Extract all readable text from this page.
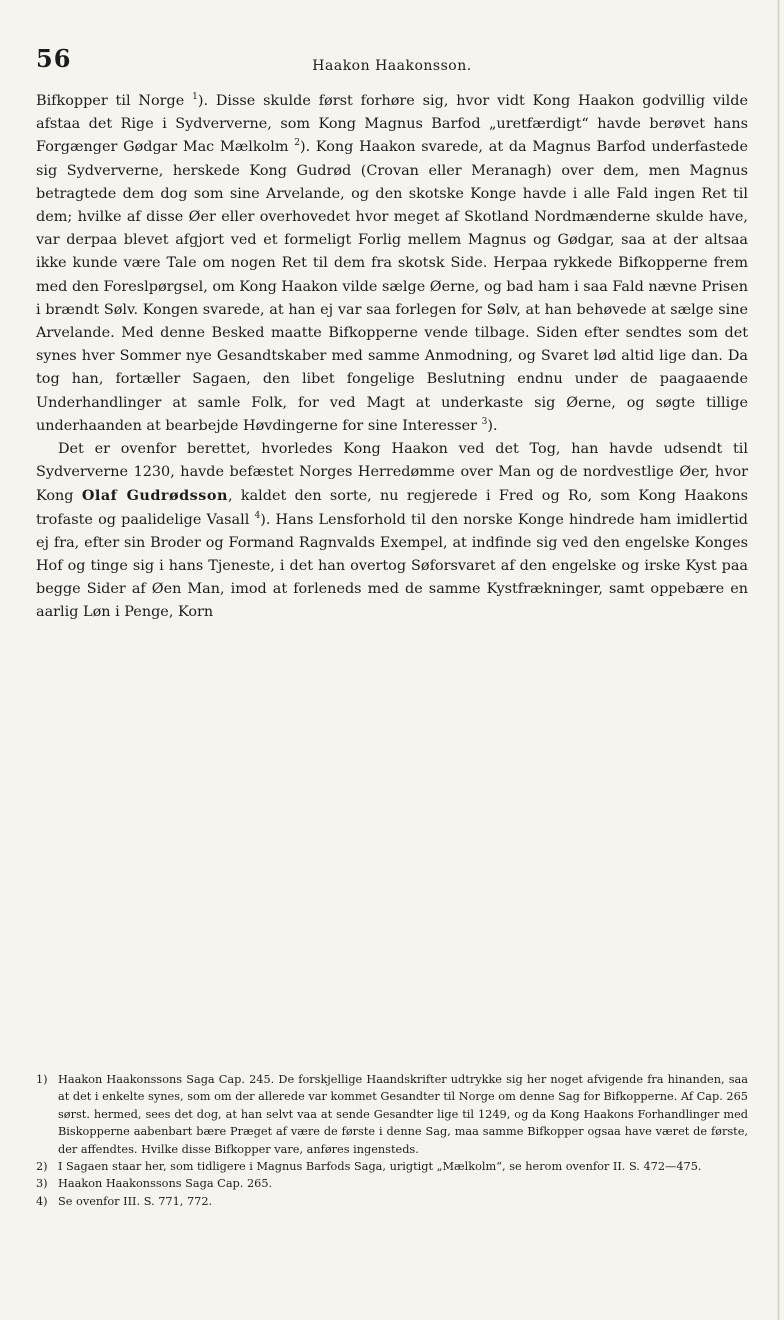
56	Haakon Haakonsson.

Bifkopper til Norge $^1$). Disse skulde først forhøre sig, hvor vidt Kong Haakon godvillig vilde afstaa det Rige i Sydververne, som Kong Magnus Barfod „uretfærdigt“ havde berøvet hans Forgænger Gødgar Mac Mælkolm $^2$). Kong Haakon svarede, at da Magnus Barfod underfastede sig Sydververne, herskede Kong Gudrød (Crovan eller Meranagh) over dem, men Magnus betragtede dem dog som sine Arvelande, og den skotske Konge havde i alle Fald ingen Ret til dem; hvilke af disse Øer eller overhovedet hvor meget af Skotland Nordmænderne skulde have, var derpaa blevet afgjort ved et formeligt Forlig mellem Magnus og Gødgar, saa at der altsaa ikke kunde være Tale om nogen Ret til dem fra skotsk Side. Herpaa rykkede Bifkopperne frem med den Foreslpørgsel, om Kong Haakon vilde sælge Øerne, og bad ham i saa Fald nævne Prisen i brændt Sølv. Kongen svarede, at han ej var saa forlegen for Sølv, at han behøvede at sælge sine Arvelande. Med denne Besked maatte Bifkopperne vende tilbage. Siden efter sendtes som det synes hver Sommer nye Gesandtskaber med samme Anmodning, og Svaret lød altid lige dan. Da tog han, fortæller Sagaen, den libet fongelige Beslutning endnu under de paagaaende Underhandlinger at samle Folk, for ved Magt at underkaste sig Øerne, og søgte tillige underhaanden at bearbejde Høvdingerne for sine Interesser $^3$).

Det er ovenfor berettet, hvorledes Kong Haakon ved det Tog, han havde udsendt til Sydververne 1230, havde befæstet Norges Herredømme over Man og de nordvestlige Øer, hvor Kong Olaf Gudrødsson, kaldet den sorte, nu regjerede i Fred og Ro, som Kong Haakons trofaste og paalidelige Vasall $^4$). Hans Lensforhold til den norske Konge hindrede ham imidlertid ej fra, efter sin Broder og Formand Ragnvalds Exempel, at indfinde sig ved den engelske Konges Hof og tinge sig i hans Tjeneste, i det han overtog Søforsvaret af den engelske og irske Kyst paa begge Sider af Øen Man, imod at forleneds med de samme Kystfrækninger, samt oppebære en aarlig Løn i Penge, Korn

1) Haakon Haakonssons Saga Cap. 245. De forskjellige Haandskrifter udtrykke sig her noget afvigende fra hinanden, saa at det i enkelte synes, som om der allerede var kommet Gesandter til Norge om denne Sag for Bifkopperne. Af Cap. 265 sørst. hermed, sees det dog, at han selvt vaa at sende Gesandter lige til 1249, og da Kong Haakons Forhandlinger med Biskopperne aabenbart bære Præget af være de første i denne Sag, maa samme Bifkopper ogsaa have været de første, der affendtes. Hvilke disse Bifkopper vare, anføres ingensteds.

2) I Sagaen staar her, som tidligere i Magnus Barfods Saga, urigtigt „Mælkolm“, se herom ovenfor II. S. 472—475.

3) Haakon Haakonssons Saga Cap. 265.

4) Se ovenfor III. S. 771, 772.
